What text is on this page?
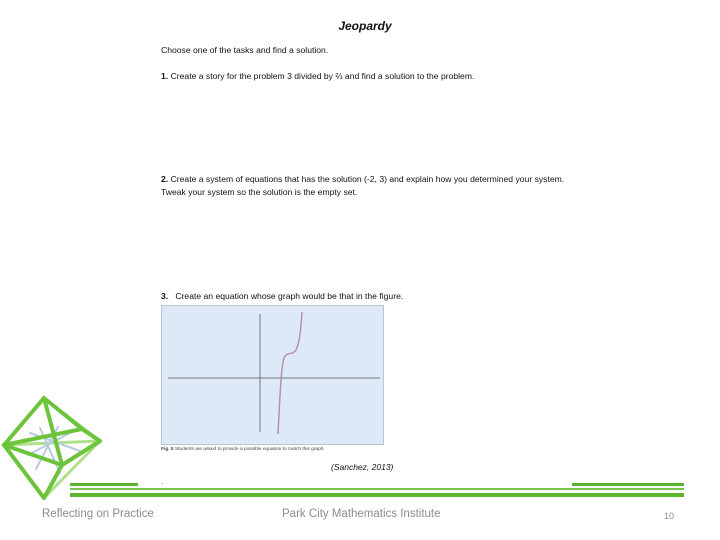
Jeopardy
Choose one of the tasks and find a solution.
1. Create a story for the problem 3 divided by ⅔ and find a solution to the problem.
2. Create a system of equations that has the solution (-2, 3) and explain how you determined your system. Tweak your system so the solution is the empty set.
3. Create an equation whose graph would be that in the figure.
Fig. 5 Students are asked to provide a possible equation to match this graph.
(Sanchez, 2013)
.
Reflecting on Practice	Park City Mathematics Institute	10
